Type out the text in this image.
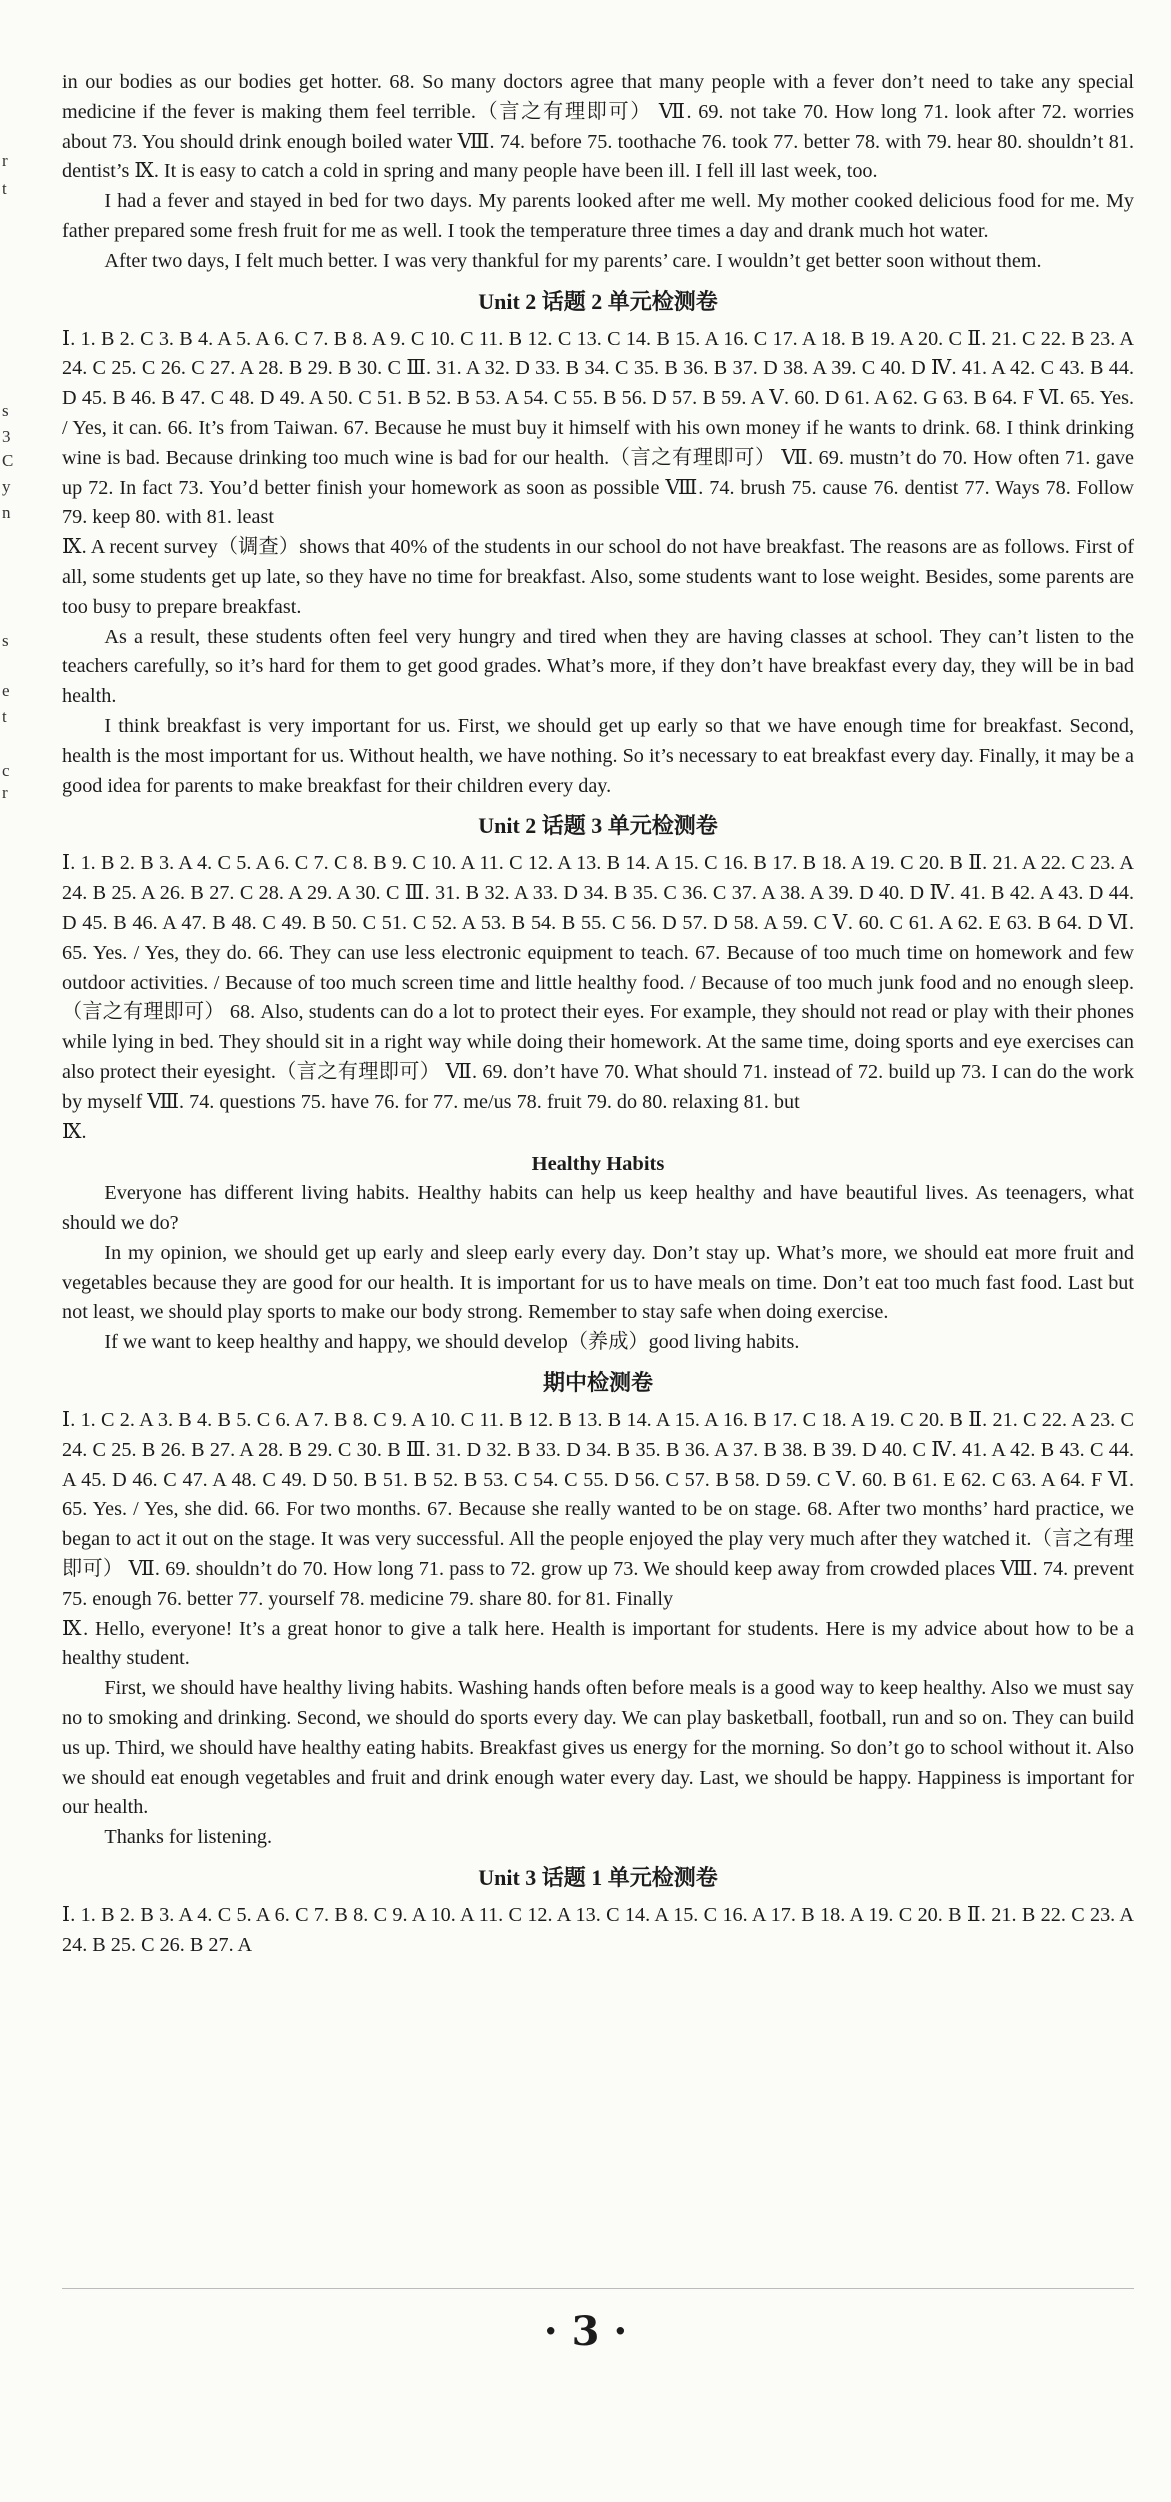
r
t
s
3
C
y
n
s
e
t
c
r
in our bodies as our bodies get hotter. 68. So many doctors agree that many people with a fever don’t need to take any special medicine if the fever is making them feel terrible.（言之有理即可） Ⅶ. 69. not take 70. How long 71. look after 72. worries about 73. You should drink enough boiled water Ⅷ. 74. before 75. toothache 76. took 77. better 78. with 79. hear 80. shouldn’t 81. dentist’s Ⅸ. It is easy to catch a cold in spring and many people have been ill. I fell ill last week, too.
I had a fever and stayed in bed for two days. My parents looked after me well. My mother cooked delicious food for me. My father prepared some fresh fruit for me as well. I took the temperature three times a day and drank much hot water.
After two days, I felt much better. I was very thankful for my parents’ care. I wouldn’t get better soon without them.
Unit 2 话题 2 单元检测卷
Ⅰ. 1. B 2. C 3. B 4. A 5. A 6. C 7. B 8. A 9. C 10. C 11. B 12. C 13. C 14. B 15. A 16. C 17. A 18. B 19. A 20. C Ⅱ. 21. C 22. B 23. A 24. C 25. C 26. C 27. A 28. B 29. B 30. C Ⅲ. 31. A 32. D 33. B 34. C 35. B 36. B 37. D 38. A 39. C 40. D Ⅳ. 41. A 42. C 43. B 44. D 45. B 46. B 47. C 48. D 49. A 50. C 51. B 52. B 53. A 54. C 55. B 56. D 57. B 59. A Ⅴ. 60. D 61. A 62. G 63. B 64. F Ⅵ. 65. Yes. / Yes, it can. 66. It’s from Taiwan. 67. Because he must buy it himself with his own money if he wants to drink. 68. I think drinking wine is bad. Because drinking too much wine is bad for our health.（言之有理即可） Ⅶ. 69. mustn’t do 70. How often 71. gave up 72. In fact 73. You’d better finish your homework as soon as possible Ⅷ. 74. brush 75. cause 76. dentist 77. Ways 78. Follow 79. keep 80. with 81. least
Ⅸ. A recent survey（调查）shows that 40% of the students in our school do not have breakfast. The reasons are as follows. First of all, some students get up late, so they have no time for breakfast. Also, some students want to lose weight. Besides, some parents are too busy to prepare breakfast.
As a result, these students often feel very hungry and tired when they are having classes at school. They can’t listen to the teachers carefully, so it’s hard for them to get good grades. What’s more, if they don’t have breakfast every day, they will be in bad health.
I think breakfast is very important for us. First, we should get up early so that we have enough time for breakfast. Second, health is the most important for us. Without health, we have nothing. So it’s necessary to eat breakfast every day. Finally, it may be a good idea for parents to make breakfast for their children every day.
Unit 2 话题 3 单元检测卷
Ⅰ. 1. B 2. B 3. A 4. C 5. A 6. C 7. C 8. B 9. C 10. A 11. C 12. A 13. B 14. A 15. C 16. B 17. B 18. A 19. C 20. B Ⅱ. 21. A 22. C 23. A 24. B 25. A 26. B 27. C 28. A 29. A 30. C Ⅲ. 31. B 32. A 33. D 34. B 35. C 36. C 37. A 38. A 39. D 40. D Ⅳ. 41. B 42. A 43. D 44. D 45. B 46. A 47. B 48. C 49. B 50. C 51. C 52. A 53. B 54. B 55. C 56. D 57. D 58. A 59. C Ⅴ. 60. C 61. A 62. E 63. B 64. D Ⅵ. 65. Yes. / Yes, they do. 66. They can use less electronic equipment to teach. 67. Because of too much time on homework and few outdoor activities. / Because of too much screen time and little healthy food. / Because of too much junk food and no enough sleep.（言之有理即可） 68. Also, students can do a lot to protect their eyes. For example, they should not read or play with their phones while lying in bed. They should sit in a right way while doing their homework. At the same time, doing sports and eye exercises can also protect their eyesight.（言之有理即可） Ⅶ. 69. don’t have 70. What should 71. instead of 72. build up 73. I can do the work by myself Ⅷ. 74. questions 75. have 76. for 77. me/us 78. fruit 79. do 80. relaxing 81. but
Ⅸ.
Healthy Habits
Everyone has different living habits. Healthy habits can help us keep healthy and have beautiful lives. As teenagers, what should we do?
In my opinion, we should get up early and sleep early every day. Don’t stay up. What’s more, we should eat more fruit and vegetables because they are good for our health. It is important for us to have meals on time. Don’t eat too much fast food. Last but not least, we should play sports to make our body strong. Remember to stay safe when doing exercise.
If we want to keep healthy and happy, we should develop（养成）good living habits.
期中检测卷
Ⅰ. 1. C 2. A 3. B 4. B 5. C 6. A 7. B 8. C 9. A 10. C 11. B 12. B 13. B 14. A 15. A 16. B 17. C 18. A 19. C 20. B Ⅱ. 21. C 22. A 23. C 24. C 25. B 26. B 27. A 28. B 29. C 30. B Ⅲ. 31. D 32. B 33. D 34. B 35. B 36. A 37. B 38. B 39. D 40. C Ⅳ. 41. A 42. B 43. C 44. A 45. D 46. C 47. A 48. C 49. D 50. B 51. B 52. B 53. C 54. C 55. D 56. C 57. B 58. D 59. C Ⅴ. 60. B 61. E 62. C 63. A 64. F Ⅵ. 65. Yes. / Yes, she did. 66. For two months. 67. Because she really wanted to be on stage. 68. After two months’ hard practice, we began to act it out on the stage. It was very successful. All the people enjoyed the play very much after they watched it.（言之有理即可） Ⅶ. 69. shouldn’t do 70. How long 71. pass to 72. grow up 73. We should keep away from crowded places Ⅷ. 74. prevent 75. enough 76. better 77. yourself 78. medicine 79. share 80. for 81. Finally
Ⅸ. Hello, everyone! It’s a great honor to give a talk here. Health is important for students. Here is my advice about how to be a healthy student.
First, we should have healthy living habits. Washing hands often before meals is a good way to keep healthy. Also we must say no to smoking and drinking. Second, we should do sports every day. We can play basketball, football, run and so on. They can build us up. Third, we should have healthy eating habits. Breakfast gives us energy for the morning. So don’t go to school without it. Also we should eat enough vegetables and fruit and drink enough water every day. Last, we should be happy. Happiness is important for our health.
Thanks for listening.
Unit 3 话题 1 单元检测卷
Ⅰ. 1. B 2. B 3. A 4. C 5. A 6. C 7. B 8. C 9. A 10. A 11. C 12. A 13. C 14. A 15. C 16. A 17. B 18. A 19. C 20. B Ⅱ. 21. B 22. C 23. A 24. B 25. C 26. B 27. A
· 3 ·
